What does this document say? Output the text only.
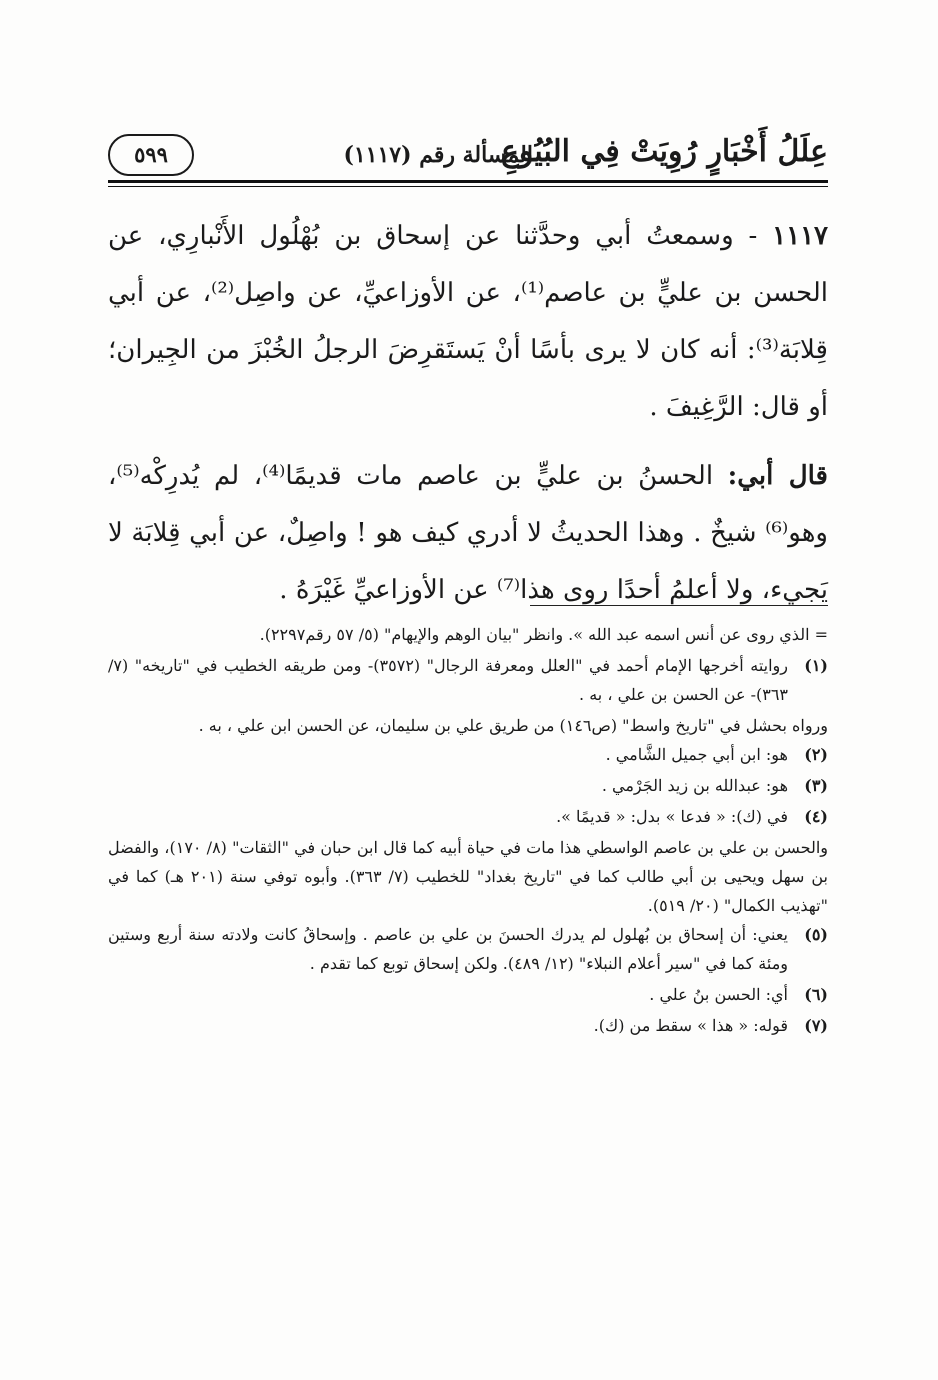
عِلَلُ أَخْبَارٍ رُوِيَتْ فِي البُيُوعِ
المسألة رقم (١١١٧)
٥٩٩

١١١٧ - وسمعتُ أبي وحدَّثنا عن إسحاق بن بُهْلُول الأَنْبارِي، عن الحسن بن عليٍّ بن عاصم⁽¹⁾، عن الأوزاعيِّ، عن واصِل⁽²⁾، عن أبي قِلابَة⁽³⁾: أنه كان لا يرى بأسًا أنْ يَستَقرِضَ الرجلُ الخُبْزَ من الجِيران؛ أو قال: الرَّغِيفَ .

قال أبي: الحسنُ بن عليٍّ بن عاصم مات قديمًا⁽⁴⁾، لم يُدرِكْه⁽⁵⁾، وهو⁽⁶⁾ شيخٌ . وهذا الحديثُ لا أدري كيف هو ! واصِلٌ، عن أبي قِلابَة لا يَجيء، ولا أعلمُ أحدًا روى هذا⁽⁷⁾ عن الأوزاعيِّ غَيْرَهُ .

= الذي روى عن أنس اسمه عبد الله ». وانظر "بيان الوهم والإيهام" (٥/ ٥٧ رقم٢٢٩٧).

(١)
روايته أخرجها الإمام أحمد في "العلل ومعرفة الرجال" (٣٥٧٢)- ومن طريقه الخطيب في "تاريخه" (٧/ ٣٦٣)- عن الحسن بن علي ، به .

ورواه بحشل في "تاريخ واسط" (ص١٤٦) من طريق علي بن سليمان، عن الحسن ابن علي ، به .

(٢)
هو: ابن أبي جميل الشَّامي .
(٣)
هو: عبدالله بن زيد الجَرْمي .
(٤)
في (ك): « فدعا » بدل: « قديمًا ».

والحسن بن علي بن عاصم الواسطي هذا مات في حياة أبيه كما قال ابن حبان في "الثقات" (٨/ ١٧٠)، والفضل بن سهل ويحيى بن أبي طالب كما في "تاريخ بغداد" للخطيب (٧/ ٣٦٣). وأبوه توفي سنة (٢٠١ هـ) كما في "تهذيب الكمال" (٢٠/ ٥١٩).

(٥)
يعني: أن إسحاق بن بُهلول لم يدرك الحسنَ بن علي بن عاصم . وإسحاقُ كانت ولادته سنة أربع وستين ومئة كما في "سير أعلام النبلاء" (١٢/ ٤٨٩). ولكن إسحاق توبع كما تقدم .
(٦)
أي: الحسن بنُ علي .
(٧)
قوله: « هذا » سقط من (ك).
